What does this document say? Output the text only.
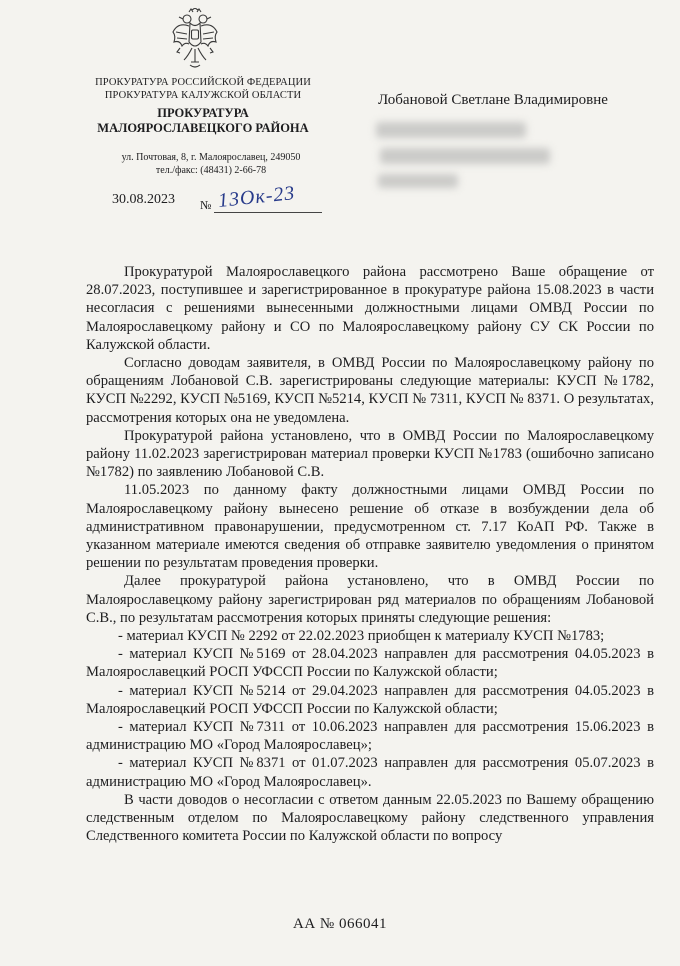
ПРОКУРАТУРА РОССИЙСКОЙ ФЕДЕРАЦИИ
ПРОКУРАТУРА КАЛУЖСКОЙ ОБЛАСТИ
ПРОКУРАТУРА
МАЛОЯРОСЛАВЕЦКОГО РАЙОНА
ул. Почтовая, 8, г. Малоярославец, 249050
тел./факс: (48431) 2-66-78
30.08.2023 № 13Ок-23
Лобановой Светлане Владимировне

Прокуратурой Малоярославецкого района рассмотрено Ваше обращение от 28.07.2023, поступившее и зарегистрированное в прокуратуре района 15.08.2023 в части несогласия с решениями вынесенными должностными лицами ОМВД России по Малоярославецкому району и СО по Малоярославецкому району СУ СК России по Калужской области.

Согласно доводам заявителя, в ОМВД России по Малоярославецкому району по обращениям Лобановой С.В. зарегистрированы следующие материалы: КУСП №1782, КУСП №2292, КУСП №5169, КУСП №5214, КУСП № 7311, КУСП № 8371. О результатах, рассмотрения которых она не уведомлена.

Прокуратурой района установлено, что в ОМВД России по Малоярославецкому району 11.02.2023 зарегистрирован материал проверки КУСП №1783 (ошибочно записано №1782) по заявлению Лобановой С.В.

11.05.2023 по данному факту должностными лицами ОМВД России по Малоярославецкому району вынесено решение об отказе в возбуждении дела об административном правонарушении, предусмотренном ст. 7.17 КоАП РФ. Также в указанном материале имеются сведения об отправке заявителю уведомления о принятом решении по результатам проведения проверки.

Далее прокуратурой района установлено, что в ОМВД России по Малоярославецкому району зарегистрирован ряд материалов по обращениям Лобановой С.В., по результатам рассмотрения которых приняты следующие решения:

- материал КУСП № 2292 от 22.02.2023 приобщен к материалу КУСП №1783;

- материал КУСП №5169 от 28.04.2023 направлен для рассмотрения 04.05.2023 в Малоярославецкий РОСП УФССП России по Калужской области;

- материал КУСП №5214 от 29.04.2023 направлен для рассмотрения 04.05.2023 в Малоярославецкий РОСП УФССП России по Калужской области;

- материал КУСП №7311 от 10.06.2023 направлен для рассмотрения 15.06.2023 в администрацию МО «Город Малоярославец»;

- материал КУСП №8371 от 01.07.2023 направлен для рассмотрения 05.07.2023 в администрацию МО «Город Малоярославец».

В части доводов о несогласии с ответом данным 22.05.2023 по Вашему обращению следственным отделом по Малоярославецкому району следственного управления Следственного комитета России по Калужской области по вопросу

АА № 066041
